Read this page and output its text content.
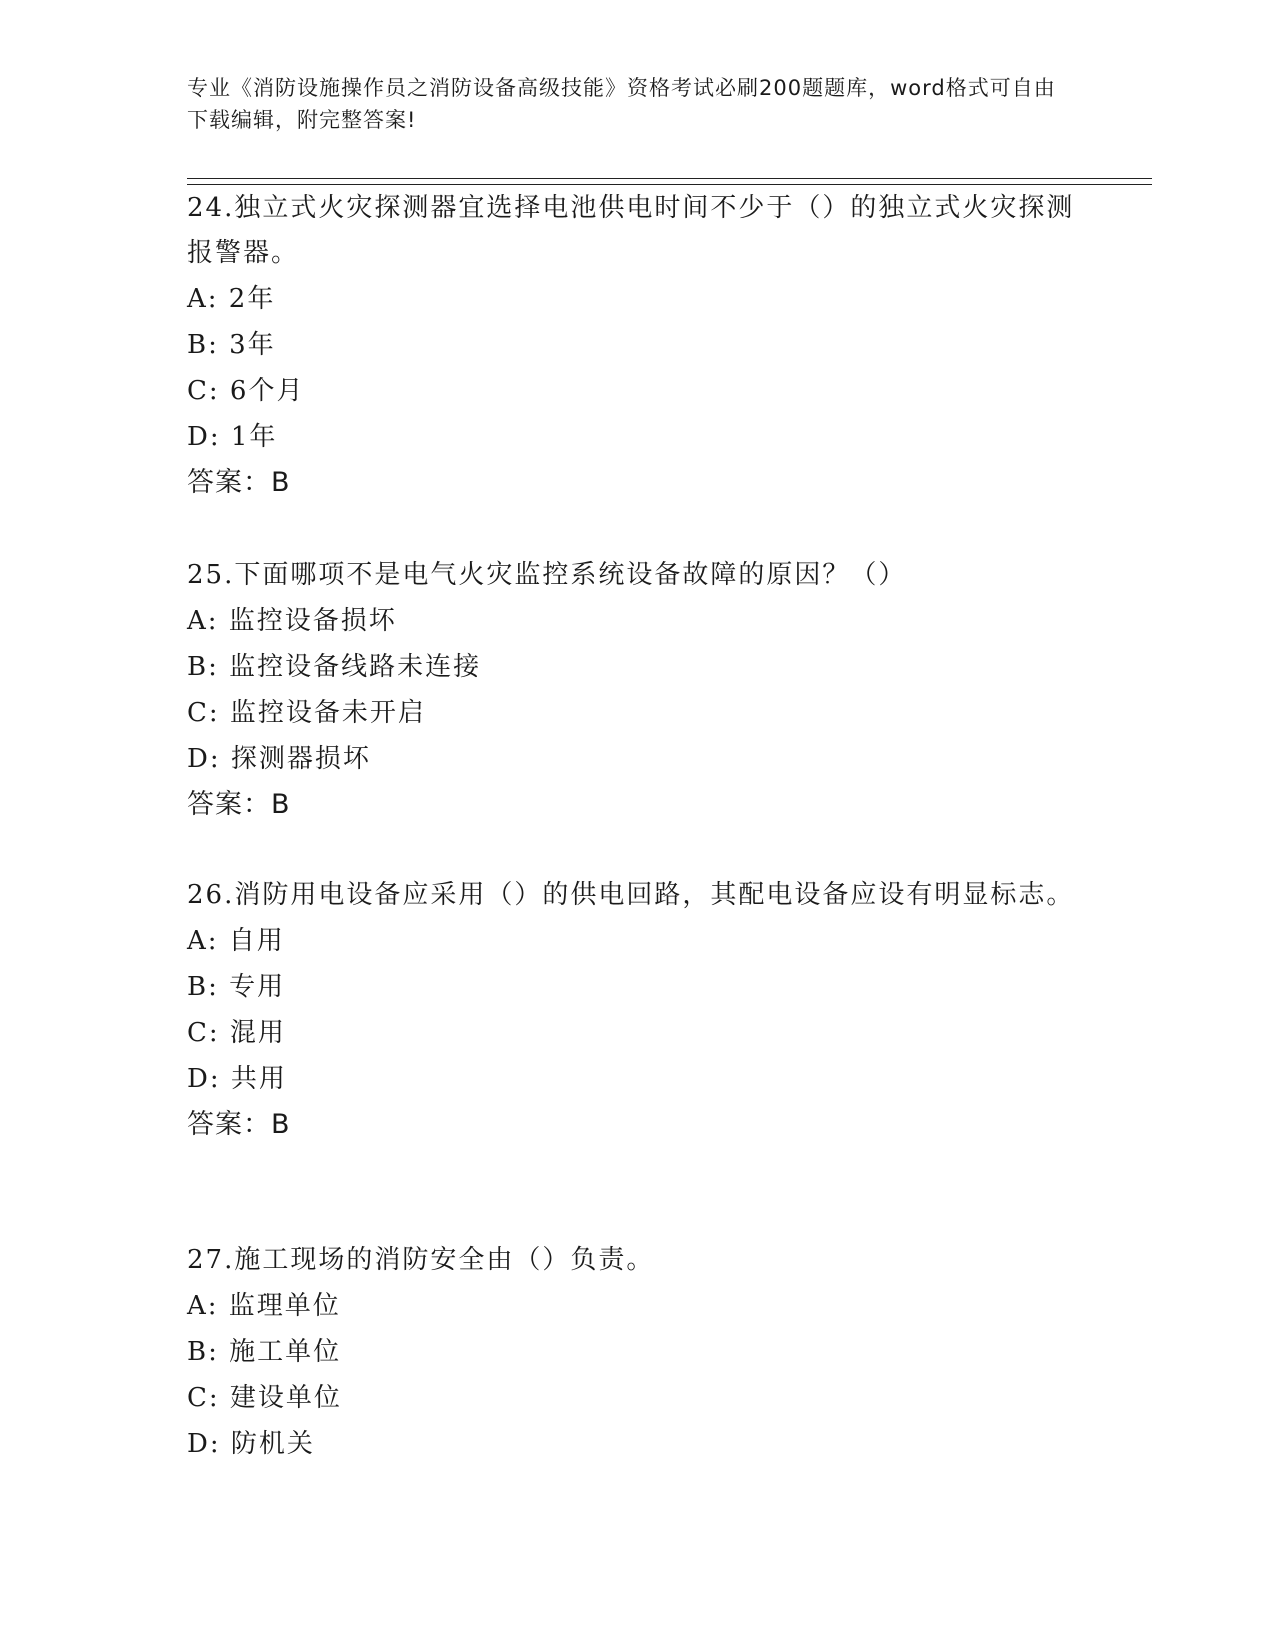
专业《消防设施操作员之消防设备高级技能》资格考试必刷200题题库，word格式可自由下载编辑，附完整答案!

24.独立式火灾探测器宜选择电池供电时间不少于（）的独立式火灾探测报警器。

A: 2年

B: 3年

C: 6个月

D: 1年

答案：B

25.下面哪项不是电气火灾监控系统设备故障的原因？（）

A: 监控设备损坏

B: 监控设备线路未连接

C: 监控设备未开启

D: 探测器损坏

答案：B

26.消防用电设备应采用（）的供电回路，其配电设备应设有明显标志。

A: 自用

B: 专用

C: 混用

D: 共用

答案：B

27.施工现场的消防安全由（）负责。

A: 监理单位

B: 施工单位

C: 建设单位

D: 防机关
